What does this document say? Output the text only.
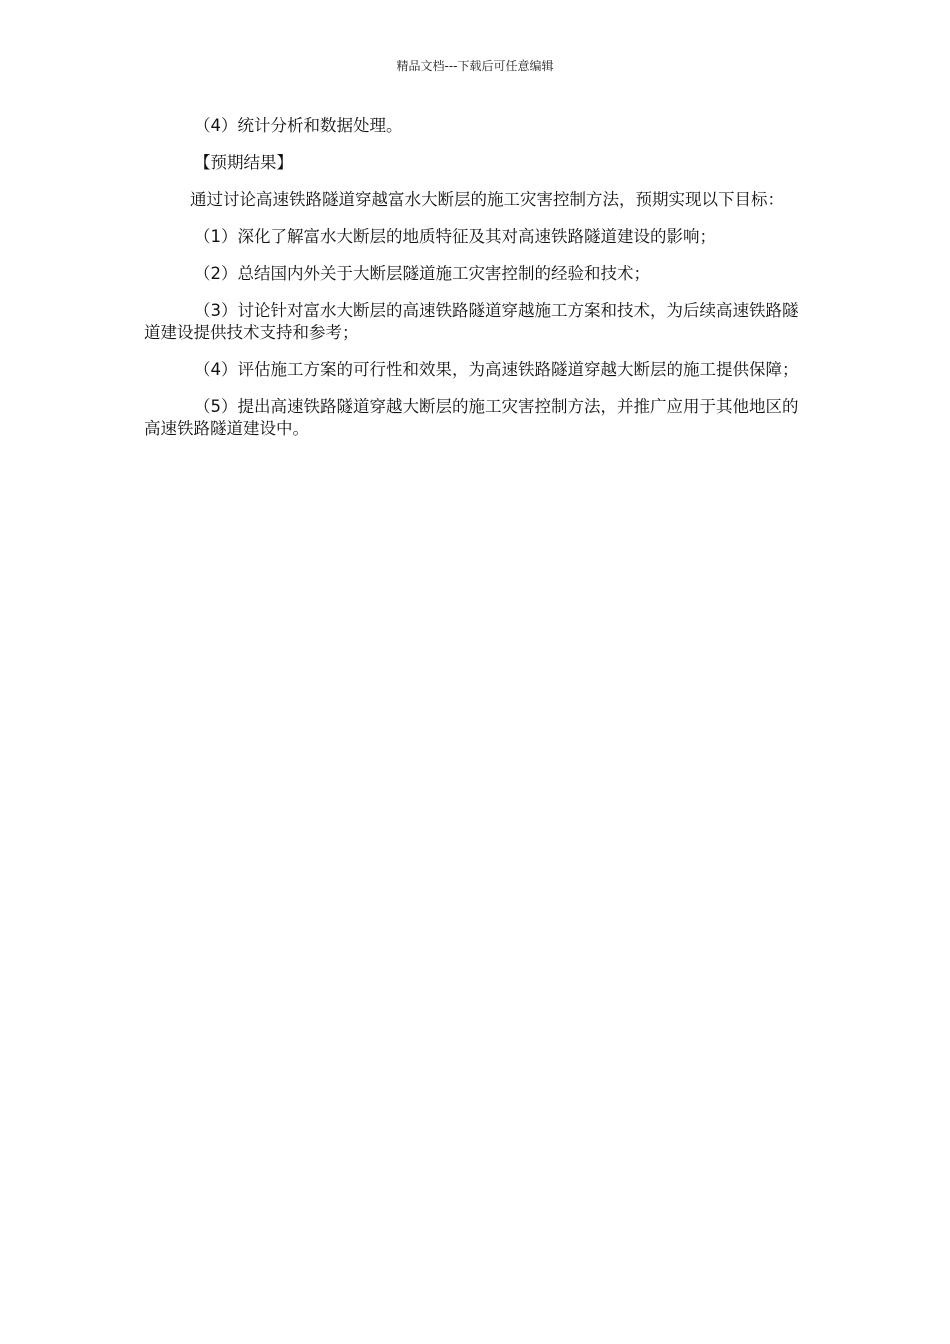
精品文档---下载后可任意编辑

（4）统计分析和数据处理。

【预期结果】

通过讨论高速铁路隧道穿越富水大断层的施工灾害控制方法，预期实现以下目标：

（1）深化了解富水大断层的地质特征及其对高速铁路隧道建设的影响；

（2）总结国内外关于大断层隧道施工灾害控制的经验和技术；

（3）讨论针对富水大断层的高速铁路隧道穿越施工方案和技术，为后续高速铁路隧道建设提供技术支持和参考；

（4）评估施工方案的可行性和效果，为高速铁路隧道穿越大断层的施工提供保障；

（5）提出高速铁路隧道穿越大断层的施工灾害控制方法，并推广应用于其他地区的高速铁路隧道建设中。
